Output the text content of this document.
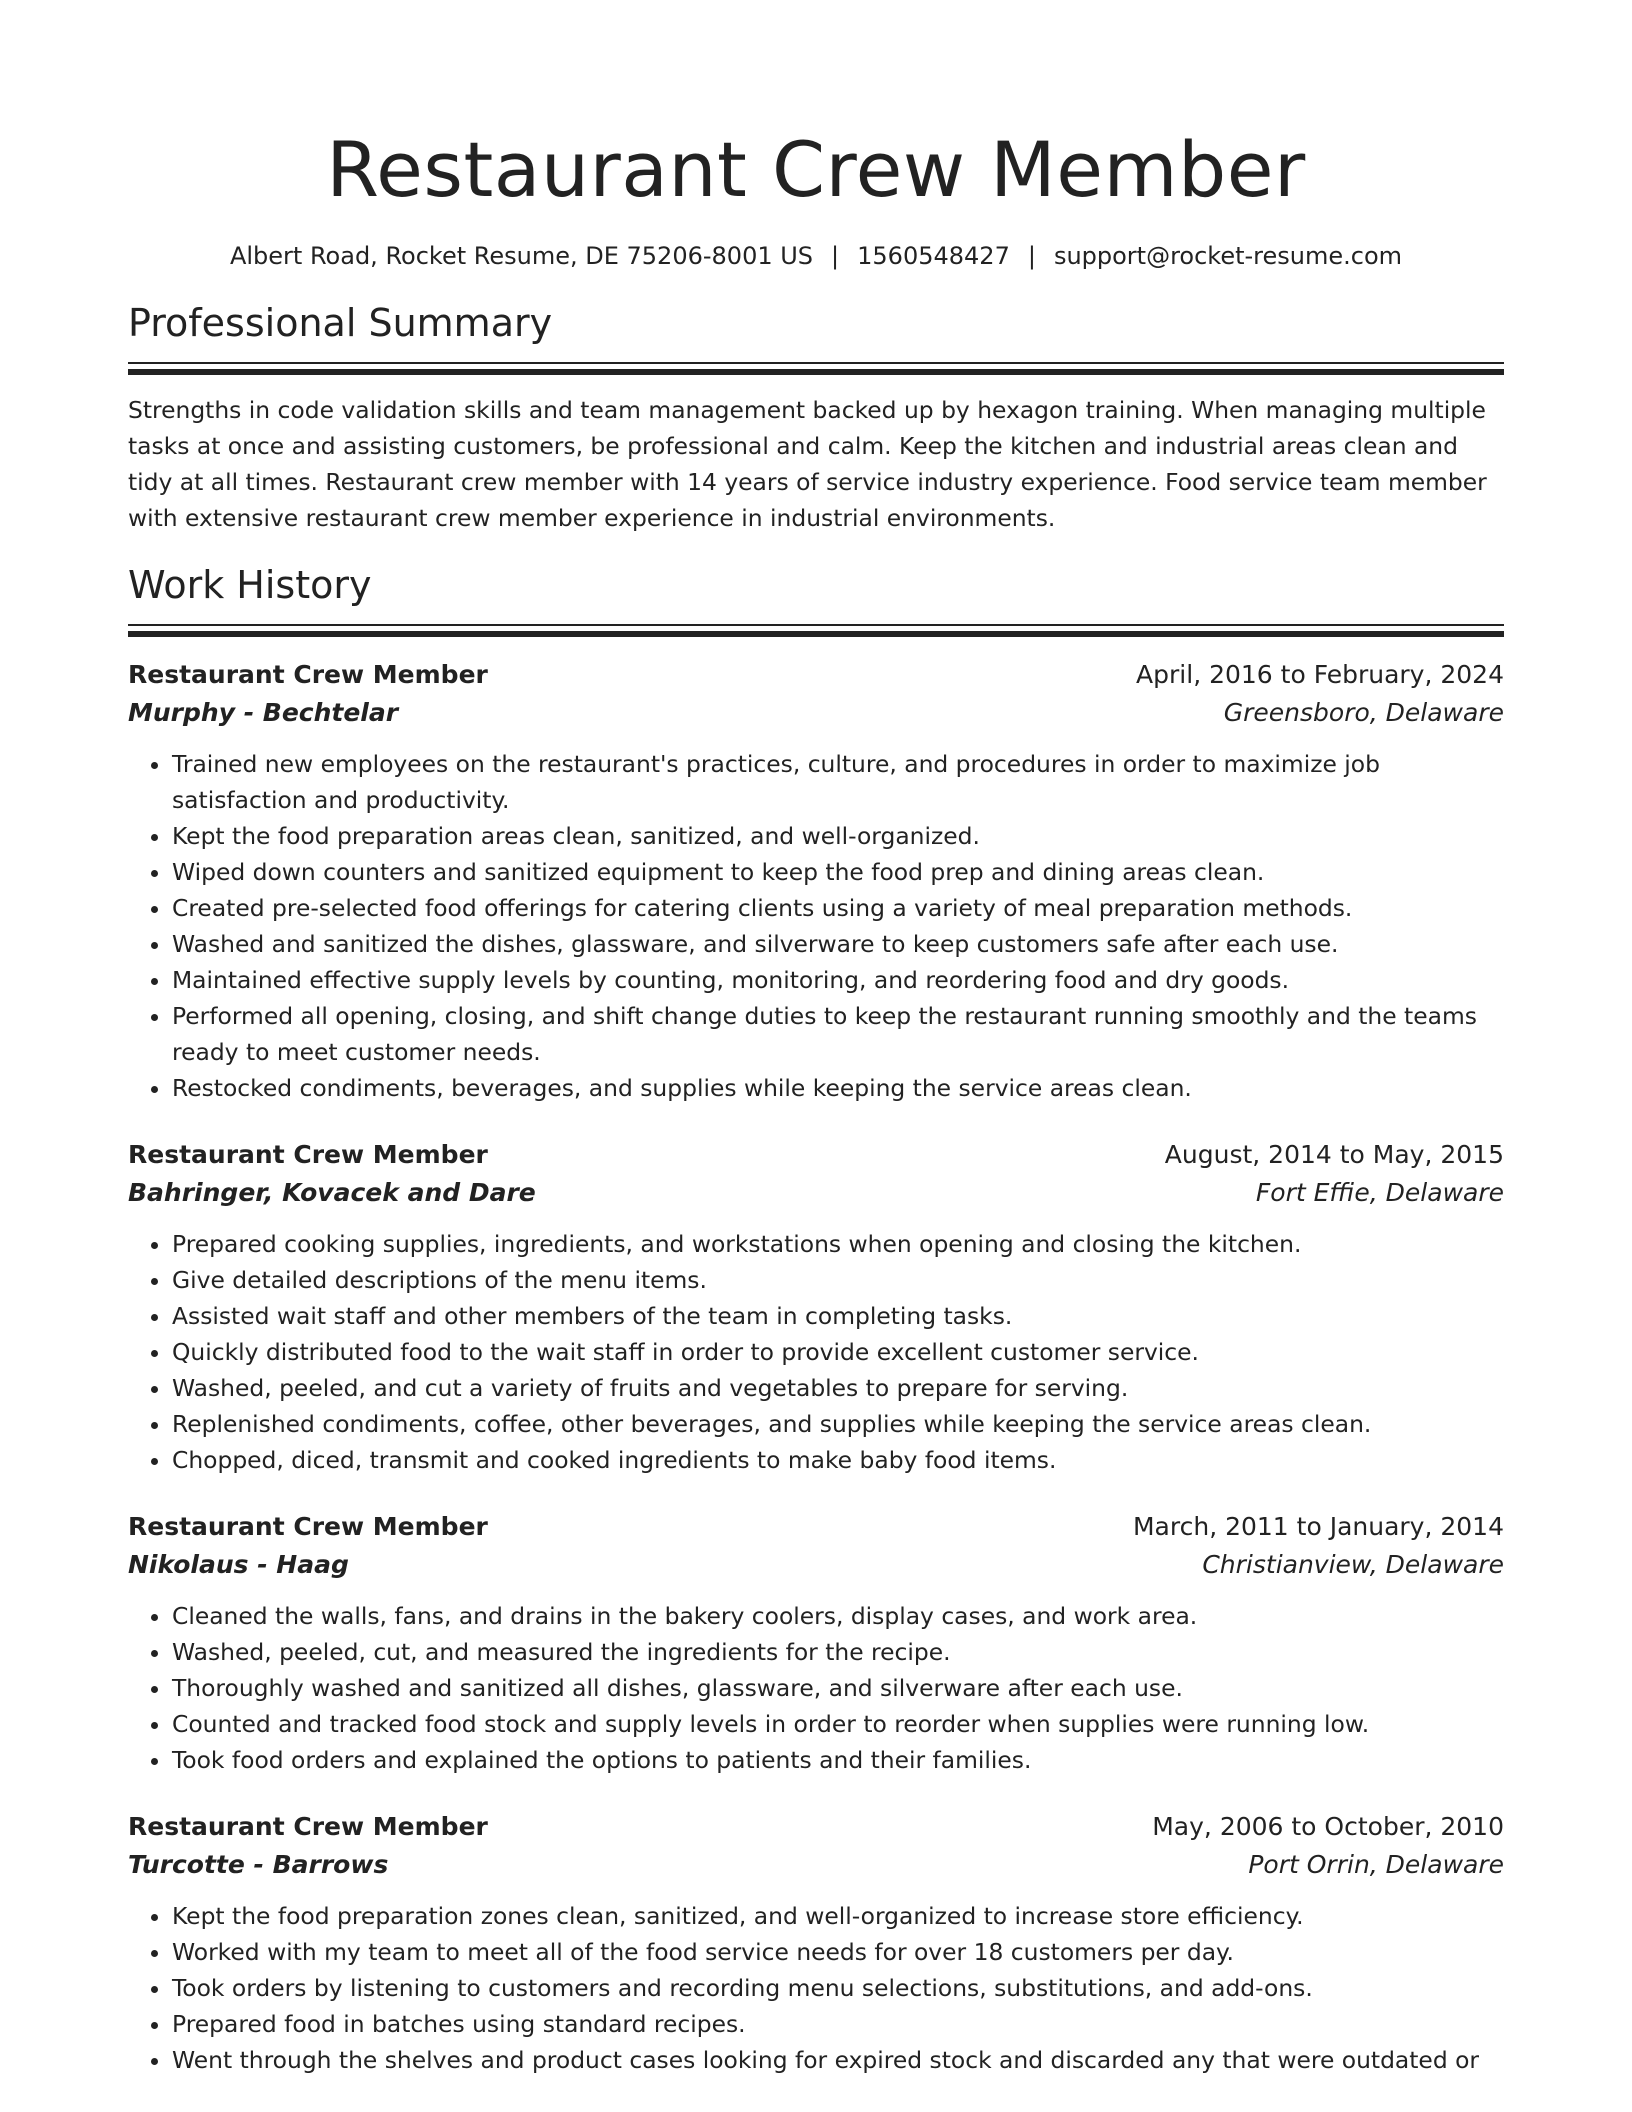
Restaurant Crew Member
Albert Road, Rocket Resume, DE 75206-8001 US | 1560548427 | support@rocket-resume.com
Professional Summary

Strengths in code validation skills and team management backed up by hexagon training. When managing multiple tasks at once and assisting customers, be professional and calm. Keep the kitchen and industrial areas clean and tidy at all times. Restaurant crew member with 14 years of service industry experience. Food service team member with extensive restaurant crew member experience in industrial environments.

Work History
Restaurant Crew Member	April, 2016 to February, 2024
Murphy - Bechtelar	Greensboro, Delaware
• Trained new employees on the restaurant's practices, culture, and procedures in order to maximize job satisfaction and productivity.
• Kept the food preparation areas clean, sanitized, and well-organized.
• Wiped down counters and sanitized equipment to keep the food prep and dining areas clean.
• Created pre-selected food offerings for catering clients using a variety of meal preparation methods.
• Washed and sanitized the dishes, glassware, and silverware to keep customers safe after each use.
• Maintained effective supply levels by counting, monitoring, and reordering food and dry goods.
• Performed all opening, closing, and shift change duties to keep the restaurant running smoothly and the teams ready to meet customer needs.
• Restocked condiments, beverages, and supplies while keeping the service areas clean.
Restaurant Crew Member	August, 2014 to May, 2015
Bahringer, Kovacek and Dare	Fort Effie, Delaware
• Prepared cooking supplies, ingredients, and workstations when opening and closing the kitchen.
• Give detailed descriptions of the menu items.
• Assisted wait staff and other members of the team in completing tasks.
• Quickly distributed food to the wait staff in order to provide excellent customer service.
• Washed, peeled, and cut a variety of fruits and vegetables to prepare for serving.
• Replenished condiments, coffee, other beverages, and supplies while keeping the service areas clean.
• Chopped, diced, transmit and cooked ingredients to make baby food items.
Restaurant Crew Member	March, 2011 to January, 2014
Nikolaus - Haag	Christianview, Delaware
• Cleaned the walls, fans, and drains in the bakery coolers, display cases, and work area.
• Washed, peeled, cut, and measured the ingredients for the recipe.
• Thoroughly washed and sanitized all dishes, glassware, and silverware after each use.
• Counted and tracked food stock and supply levels in order to reorder when supplies were running low.
• Took food orders and explained the options to patients and their families.
Restaurant Crew Member	May, 2006 to October, 2010
Turcotte - Barrows	Port Orrin, Delaware
• Kept the food preparation zones clean, sanitized, and well-organized to increase store efficiency.
• Worked with my team to meet all of the food service needs for over 18 customers per day.
• Took orders by listening to customers and recording menu selections, substitutions, and add-ons.
• Prepared food in batches using standard recipes.
• Went through the shelves and product cases looking for expired stock and discarded any that were outdated or
